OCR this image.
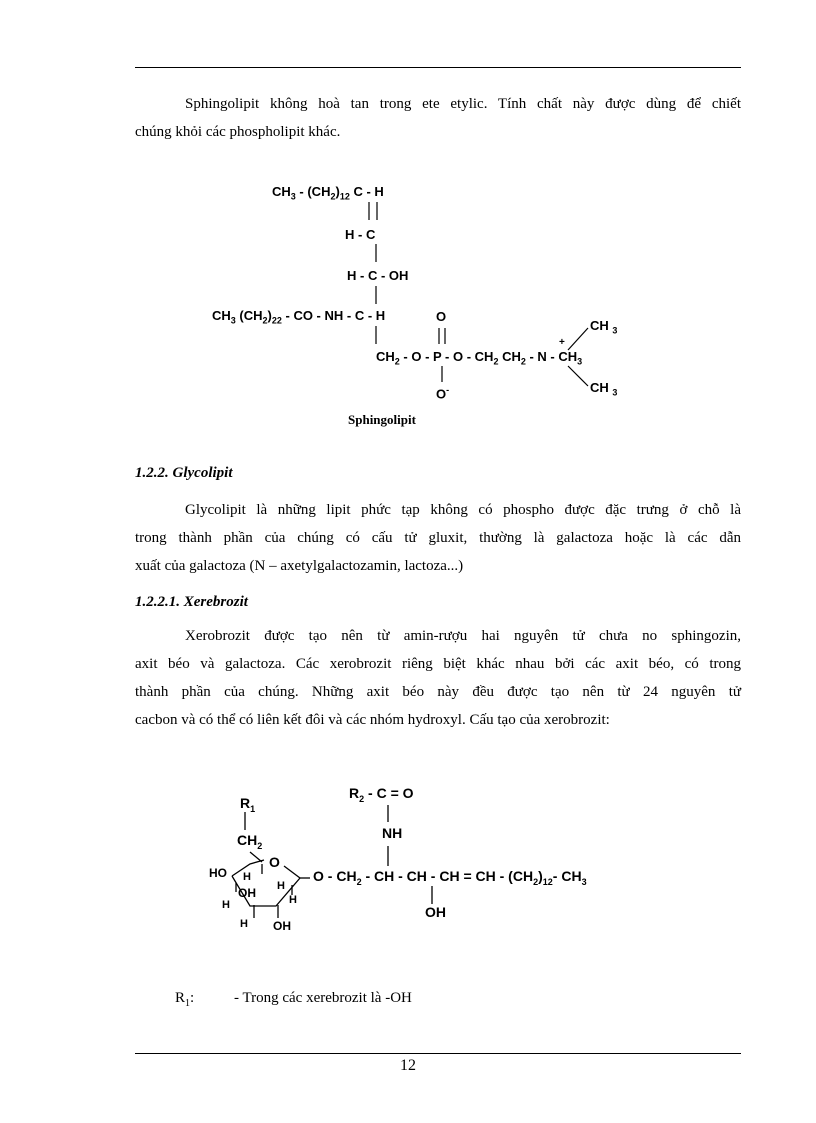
Sphingolipit không hoà tan trong ete etylic. Tính chất này được dùng để chiết
chúng khỏi các phospholipit khác.
$CH_3 - (CH_2)_{12}$ C - H
H - C
H - C - OH
$CH_3$ $(CH_2)_{22}$ - CO - NH - C - H	O
CH $_3$
+
$CH_2$ - O - P - O - $CH_2$ $CH_2$ - N - $CH_3$
O-	CH $_3$
Sphingolipit
1.2.2. Glycolipit
Glycolipit là những lipit phức tạp không có phospho được đặc trưng ở chỗ là
trong thành phần của chúng có cấu tử gluxit, thường là galactoza hoặc là các dẫn
xuất của galactoza (N – axetylgalactozamin, lactoza...)
1.2.2.1. Xerebrozit
Xerobrozit được tạo nên từ amin-rượu hai nguyên tử chưa no sphingozin,
axit béo và galactoza. Các xerobrozit riêng biệt khác nhau bởi các axit béo, có trong
thành phần của chúng. Những axit béo này đều được tạo nên từ 24 nguyên tử
cacbon và có thể có liên kết đôi và các nhóm hydroxyl. Cấu tạo của xerobrozit:
$R_2 - C = O$
NH
$R_1$
$CH_2$
O
HO H
OH H
H	H
H OH
O - $CH_2$ - CH - CH - CH = CH - $(CH_2)_{12}-$ $CH_3$
OH
$R_1$:	- Trong các xerebrozit là -OH
12
